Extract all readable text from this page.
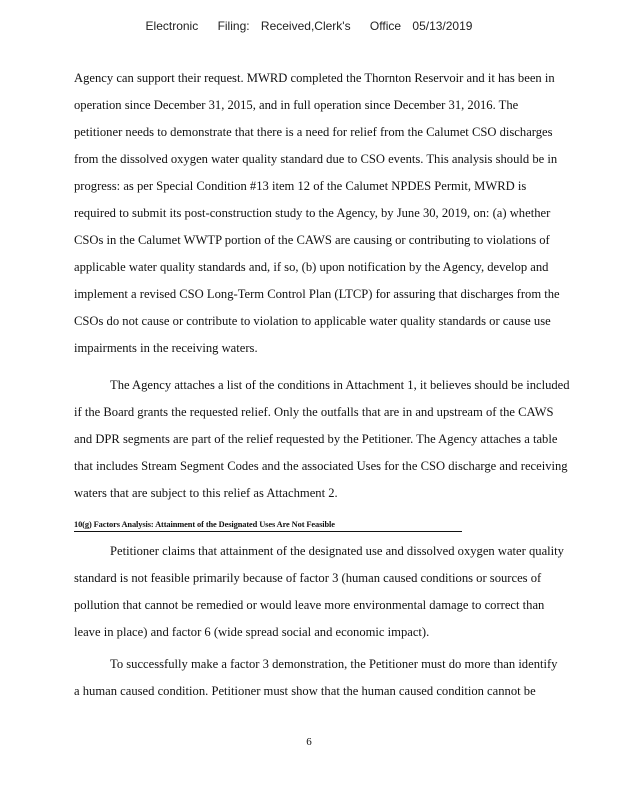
Electronic Filing: Received,Clerk's Office 05/13/2019
Agency can support their request. MWRD completed the Thornton Reservoir and it has been in
operation since December 31, 2015, and in full operation since December 31, 2016. The
petitioner needs to demonstrate that there is a need for relief from the Calumet CSO discharges
from the dissolved oxygen water quality standard due to CSO events. This analysis should be in
progress: as per Special Condition #13 item 12 of the Calumet NPDES Permit, MWRD is
required to submit its post-construction study to the Agency, by June 30, 2019, on: (a) whether
CSOs in the Calumet WWTP portion of the CAWS are causing or contributing to violations of
applicable water quality standards and, if so, (b) upon notification by the Agency, develop and
implement a revised CSO Long-Term Control Plan (LTCP) for assuring that discharges from the
CSOs do not cause or contribute to violation to applicable water quality standards or cause use
impairments in the receiving waters.
The Agency attaches a list of the conditions in Attachment 1, it believes should be included
if the Board grants the requested relief. Only the outfalls that are in and upstream of the CAWS
and DPR segments are part of the relief requested by the Petitioner. The Agency attaches a table
that includes Stream Segment Codes and the associated Uses for the CSO discharge and receiving
waters that are subject to this relief as Attachment 2.
10(g) Factors Analysis: Attainment of the Designated Uses Are Not Feasible
Petitioner claims that attainment of the designated use and dissolved oxygen water quality
standard is not feasible primarily because of factor 3 (human caused conditions or sources of
pollution that cannot be remedied or would leave more environmental damage to correct than
leave in place) and factor 6 (wide spread social and economic impact).
To successfully make a factor 3 demonstration, the Petitioner must do more than identify
a human caused condition. Petitioner must show that the human caused condition cannot be
6
